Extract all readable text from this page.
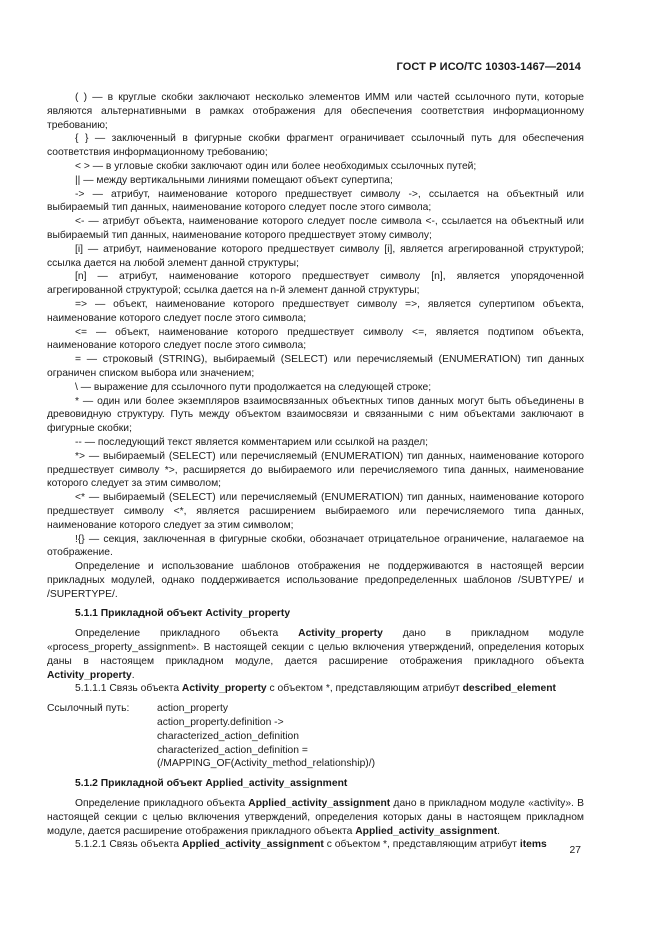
ГОСТ Р ИСО/ТС 10303-1467—2014

( ) — в круглые скобки заключают несколько элементов ИММ или частей ссылочного пути, которые являются альтернативными в рамках отображения для обеспечения соответствия информационному требованию;

{ } — заключенный в фигурные скобки фрагмент ограничивает ссылочный путь для обеспечения соответствия информационному требованию;

< > — в угловые скобки заключают один или более необходимых ссылочных путей;

|| — между вертикальными линиями помещают объект супертипа;

-> — атрибут, наименование которого предшествует символу ->, ссылается на объектный или выбираемый тип данных, наименование которого следует после этого символа;

<- — атрибут объекта, наименование которого следует после символа <-, ссылается на объектный или выбираемый тип данных, наименование которого предшествует этому символу;

[i] — атрибут, наименование которого предшествует символу [i], является агрегированной структурой; ссылка дается на любой элемент данной структуры;

[n] — атрибут, наименование которого предшествует символу [n], является упорядоченной агрегированной структурой; ссылка дается на n-й элемент данной структуры;

=> — объект, наименование которого предшествует символу =>, является супертипом объекта, наименование которого следует после этого символа;

<= — объект, наименование которого предшествует символу <=, является подтипом объекта, наименование которого следует после этого символа;

= — строковый (STRING), выбираемый (SELECT) или перечисляемый (ENUMERATION) тип данных ограничен списком выбора или значением;

\ — выражение для ссылочного пути продолжается на следующей строке;

* — один или более экземпляров взаимосвязанных объектных типов данных могут быть объединены в древовидную структуру. Путь между объектом взаимосвязи и связанными с ним объектами заключают в фигурные скобки;

-- — последующий текст является комментарием или ссылкой на раздел;

*> — выбираемый (SELECT) или перечисляемый (ENUMERATION) тип данных, наименование которого предшествует символу *>, расширяется до выбираемого или перечисляемого типа данных, наименование которого следует за этим символом;

<* — выбираемый (SELECT) или перечисляемый (ENUMERATION) тип данных, наименование которого предшествует символу <*, является расширением выбираемого или перечисляемого типа данных, наименование которого следует за этим символом;

!{} — секция, заключенная в фигурные скобки, обозначает отрицательное ограничение, налагаемое на отображение.

Определение и использование шаблонов отображения не поддерживаются в настоящей версии прикладных модулей, однако поддерживается использование предопределенных шаблонов /SUBTYPE/ и /SUPERTYPE/.

5.1.1 Прикладной объект Activity_property

Определение прикладного объекта Activity_property дано в прикладном модуле «process_property_assignment». В настоящей секции с целью включения утверждений, определения которых даны в настоящем прикладном модуле, дается расширение отображения прикладного объекта Activity_property.

5.1.1.1 Связь объекта Activity_property с объектом *, представляющим атрибут described_element

Ссылочный путь:	action_property
action_property.definition ->
characterized_action_definition
characterized_action_definition =
(/MAPPING_OF(Activity_method_relationship)/)

5.1.2 Прикладной объект Applied_activity_assignment

Определение прикладного объекта Applied_activity_assignment дано в прикладном модуле «activity». В настоящей секции с целью включения утверждений, определения которых даны в настоящем прикладном модуле, дается расширение отображения прикладного объекта Applied_activity_assignment.

5.1.2.1 Связь объекта Applied_activity_assignment с объектом *, представляющим атрибут items

27
